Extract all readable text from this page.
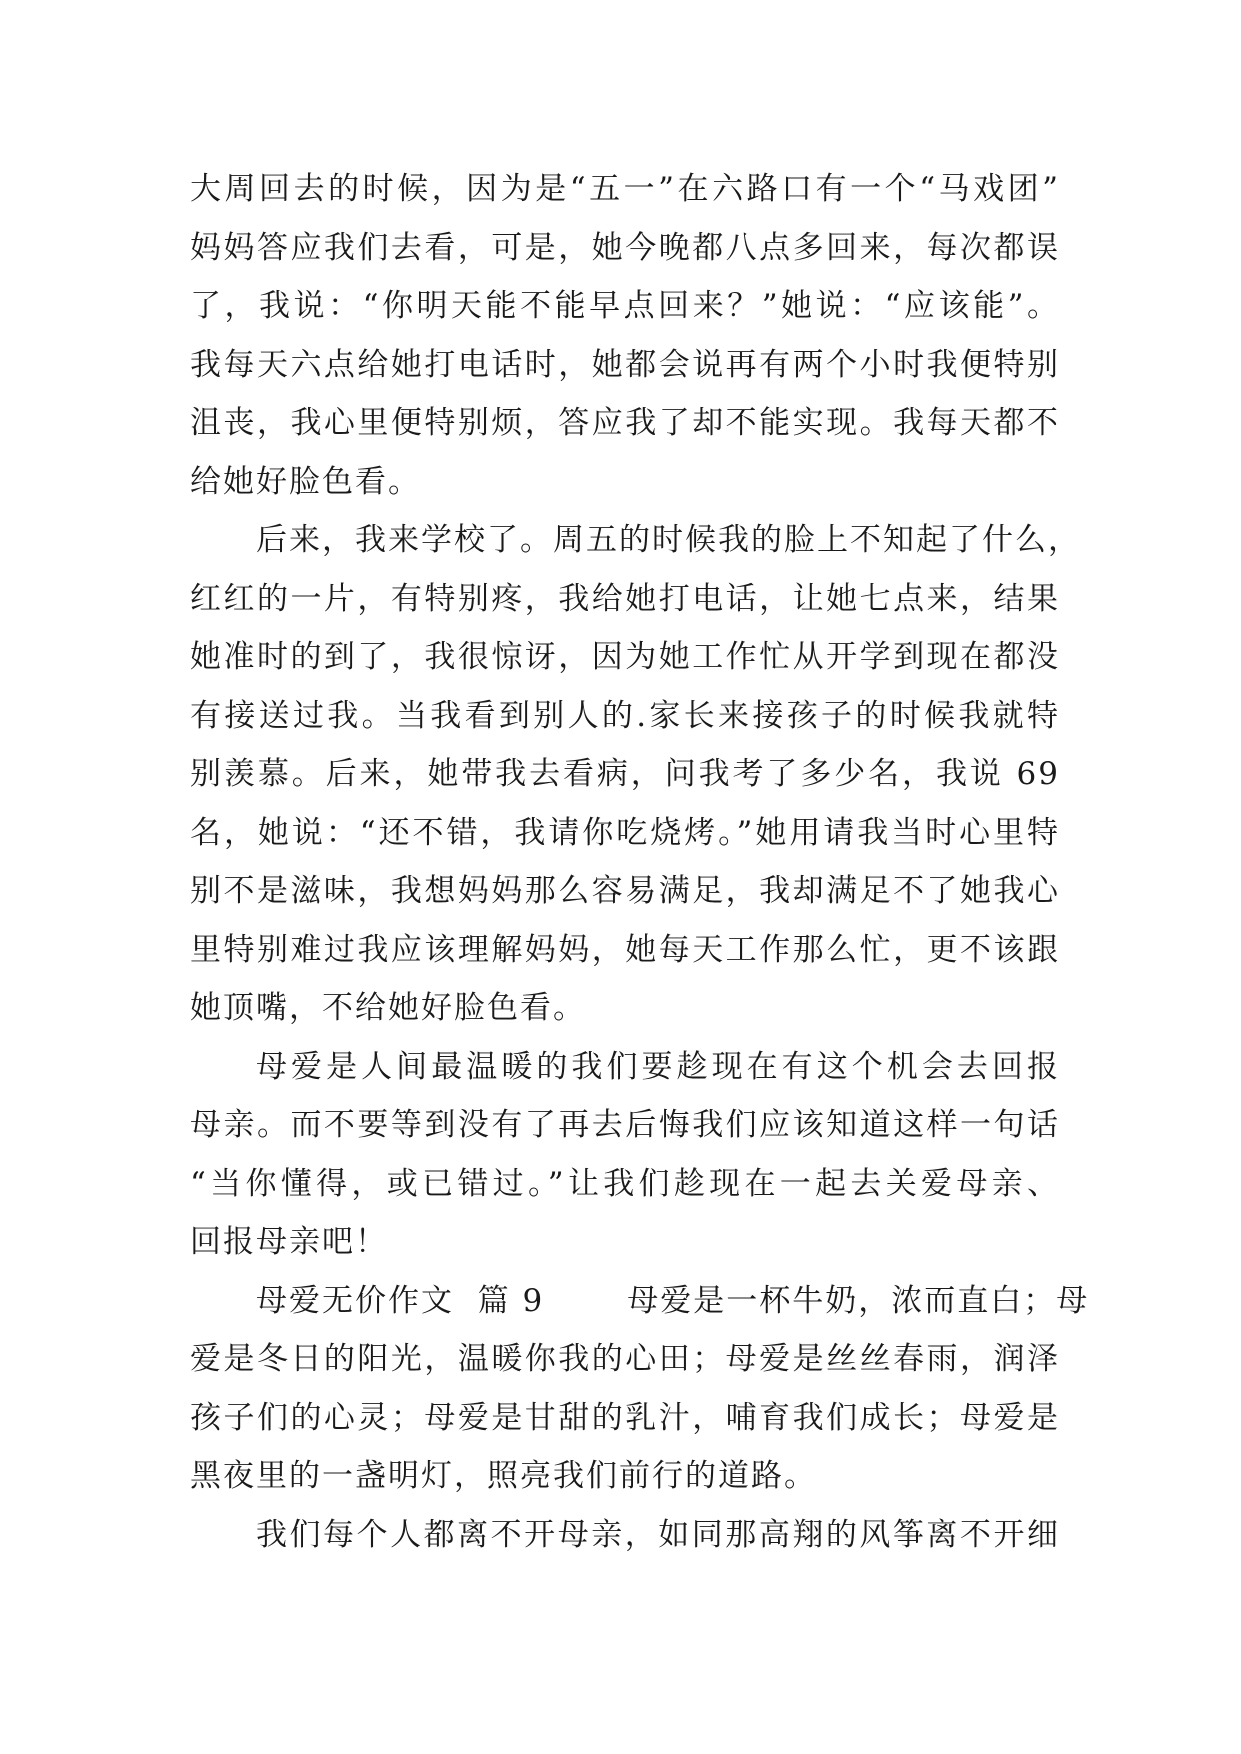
大周回去的时候，因为是“五一”在六路口有一个“马戏团”
妈妈答应我们去看，可是，她今晚都八点多回来，每次都误
了，我说：“你明天能不能早点回来？”她说：“应该能”。
我每天六点给她打电话时，她都会说再有两个小时我便特别
沮丧，我心里便特别烦，答应我了却不能实现。我每天都不
给她好脸色看。
后来，我来学校了。周五的时候我的脸上不知起了什么，
红红的一片，有特别疼，我给她打电话，让她七点来，结果
她准时的到了，我很惊讶，因为她工作忙从开学到现在都没
有接送过我。当我看到别人的.家长来接孩子的时候我就特
别羡慕。后来，她带我去看病，问我考了多少名，我说 69
名，她说：“还不错，我请你吃烧烤。”她用请我当时心里特
别不是滋味，我想妈妈那么容易满足，我却满足不了她我心
里特别难过我应该理解妈妈，她每天工作那么忙，更不该跟
她顶嘴，不给她好脸色看。
母爱是人间最温暖的我们要趁现在有这个机会去回报
母亲。而不要等到没有了再去后悔我们应该知道这样一句话
“当你懂得，或已错过。”让我们趁现在一起去关爱母亲、
回报母亲吧！
母爱无价作文  篇 9       母爱是一杯牛奶，浓而直白；母
爱是冬日的阳光，温暖你我的心田；母爱是丝丝春雨，润泽
孩子们的心灵；母爱是甘甜的乳汁，哺育我们成长；母爱是
黑夜里的一盏明灯，照亮我们前行的道路。
我们每个人都离不开母亲，如同那高翔的风筝离不开细
